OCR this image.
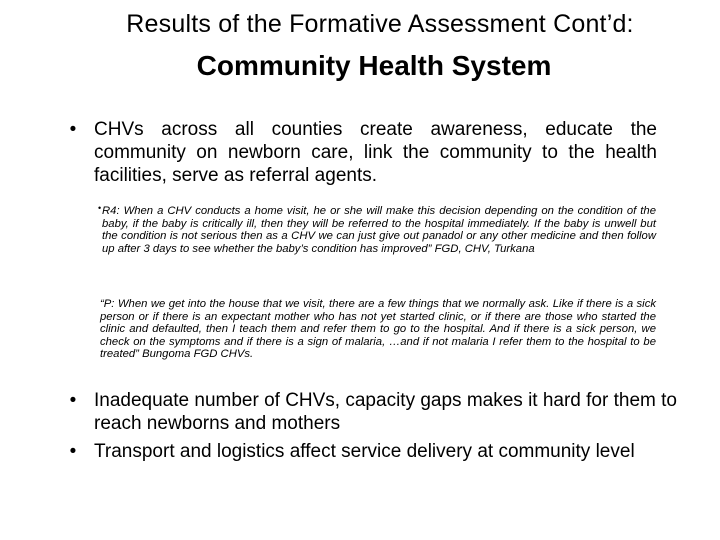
Results of the Formative Assessment Cont’d:
Community Health System
• CHVs across all counties create awareness, educate the community on newborn care, link the community to the health facilities, serve as referral agents.
• R4: When a CHV conducts a home visit, he or she will make this decision depending on the condition of the baby, if the baby is critically ill, then they will be referred to the hospital immediately. If the baby is unwell but the condition is not serious then as a CHV we can just give out panadol or any other medicine and then follow up after 3 days to see whether the baby’s condition has improved” FGD, CHV, Turkana
“P: When we get into the house that we visit, there are a few things that we normally ask. Like if there is a sick person or if there is an expectant mother who has not yet started clinic, or if there are those who started the clinic and defaulted, then I teach them and refer them to go to the hospital. And if there is a sick person, we check on the symptoms and if there is a sign of malaria, …and if not malaria I refer them to the hospital to be treated” Bungoma FGD CHVs.
• Inadequate number of CHVs, capacity gaps makes it hard for them to reach newborns and mothers
• Transport and logistics affect service delivery at community level
